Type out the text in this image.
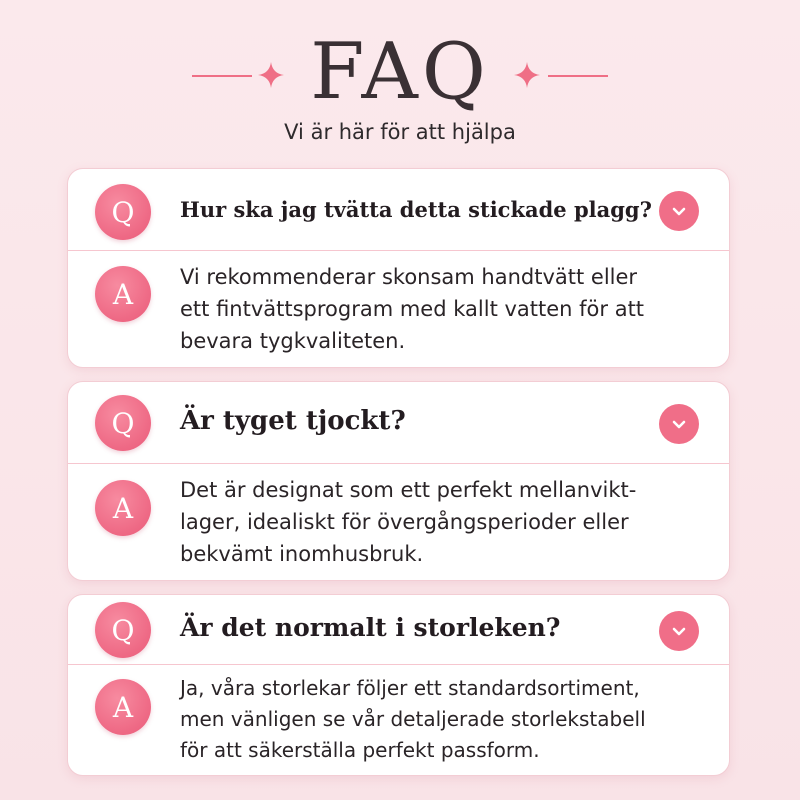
FAQ
Vi är här för att hjälpa
Q	Hur ska jag tvätta detta stickade plagg?
A
Vi rekommenderar skonsam handtvätt eller
ett fintvättsprogram med kallt vatten för att
bevara tygkvaliteten.
Q	Är tyget tjockt?
A
Det är designat som ett perfekt mellanvikt-
lager, idealiskt för övergångsperioder eller
bekvämt inomhusbruk.
Q	Är det normalt i storleken?
A
Ja, våra storlekar följer ett standardsortiment,
men vänligen se vår detaljerade storlekstabell
för att säkerställa perfekt passform.
